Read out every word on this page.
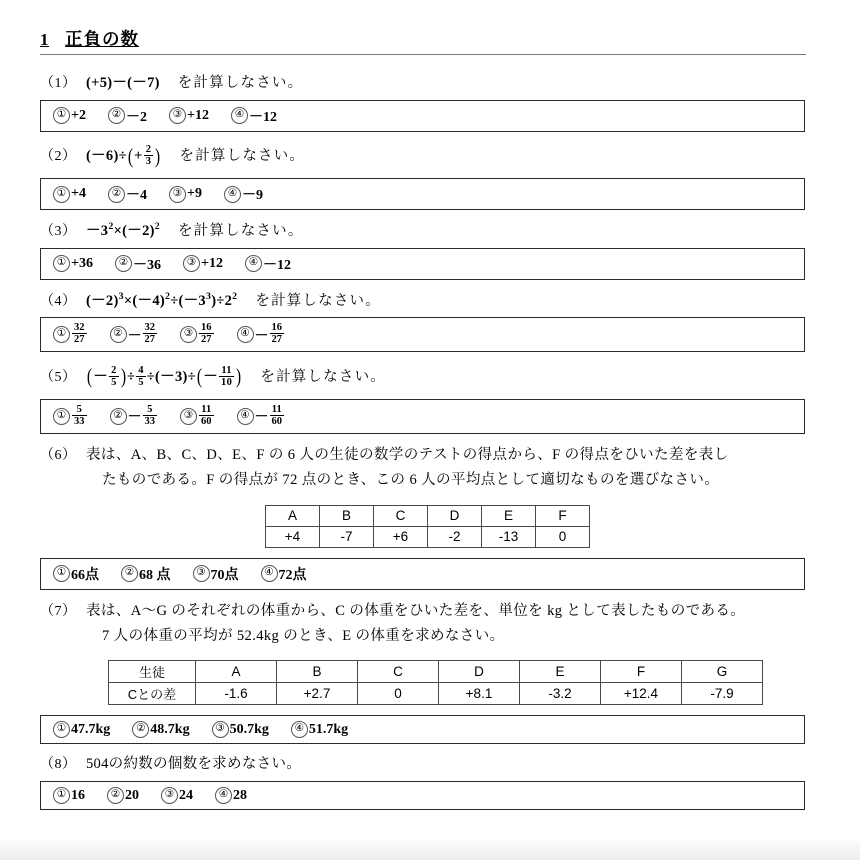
1 正負の数
（1） (+5)－(－7) を計算しなさい。
① +2	② －2	③ +12	④ －12
（2） $(-6)\div(+ \frac{2}{3}$ ) を計算しなさい。
① +4	② －4	③ +9	④ －9
$(3) -3^2\times(-2)^2$ を計算しなさい。
① +36	② －36	③ +12	④ －12
（4） $(-2)^3\times(-4)^2\div(-3^3)\div 2^2$ を計算しなさい。
① $\frac{32}{27}$	② － $\frac{32}{27}$	③ $\frac{16}{27}$	④ － $\frac{16}{27}$
（5） (－ $\frac{2}{5}$ )÷ $\frac{4}{5} \div(-3)\div(- \frac{11}{10}$ ) を計算しなさい。
① $\frac{5}{33}$	② － $\frac{5}{33}$	③ $\frac{11}{60}$	④ － $\frac{11}{60}$
（6） 表は、A、B、C、D、E、F の 6 人の生徒の数学のテストの得点から、F の得点をひいた差を表し
たものである。F の得点が 72 点のとき、この 6 人の平均点として適切なものを選びなさい。
A	B	C	D	E	F
+4	-7	+6	-2	-13	0
① 66点	② 68 点	③ 70点	④ 72点
（7） 表は、A～G のそれぞれの体重から、C の体重をひいた差を、単位を kg として表したものである。
7 人の体重の平均が 52.4kg のとき、E の体重を求めなさい。
生徒	A	B	C	D	E	F	G
Cとの差	-1.6	+2.7	0	+8.1	-3.2	+12.4	-7.9
① 47.7kg	② 48.7kg	③ 50.7kg	④ 51.7kg
（8） 504の約数の個数を求めなさい。
① 16	② 20	③ 24	④ 28
